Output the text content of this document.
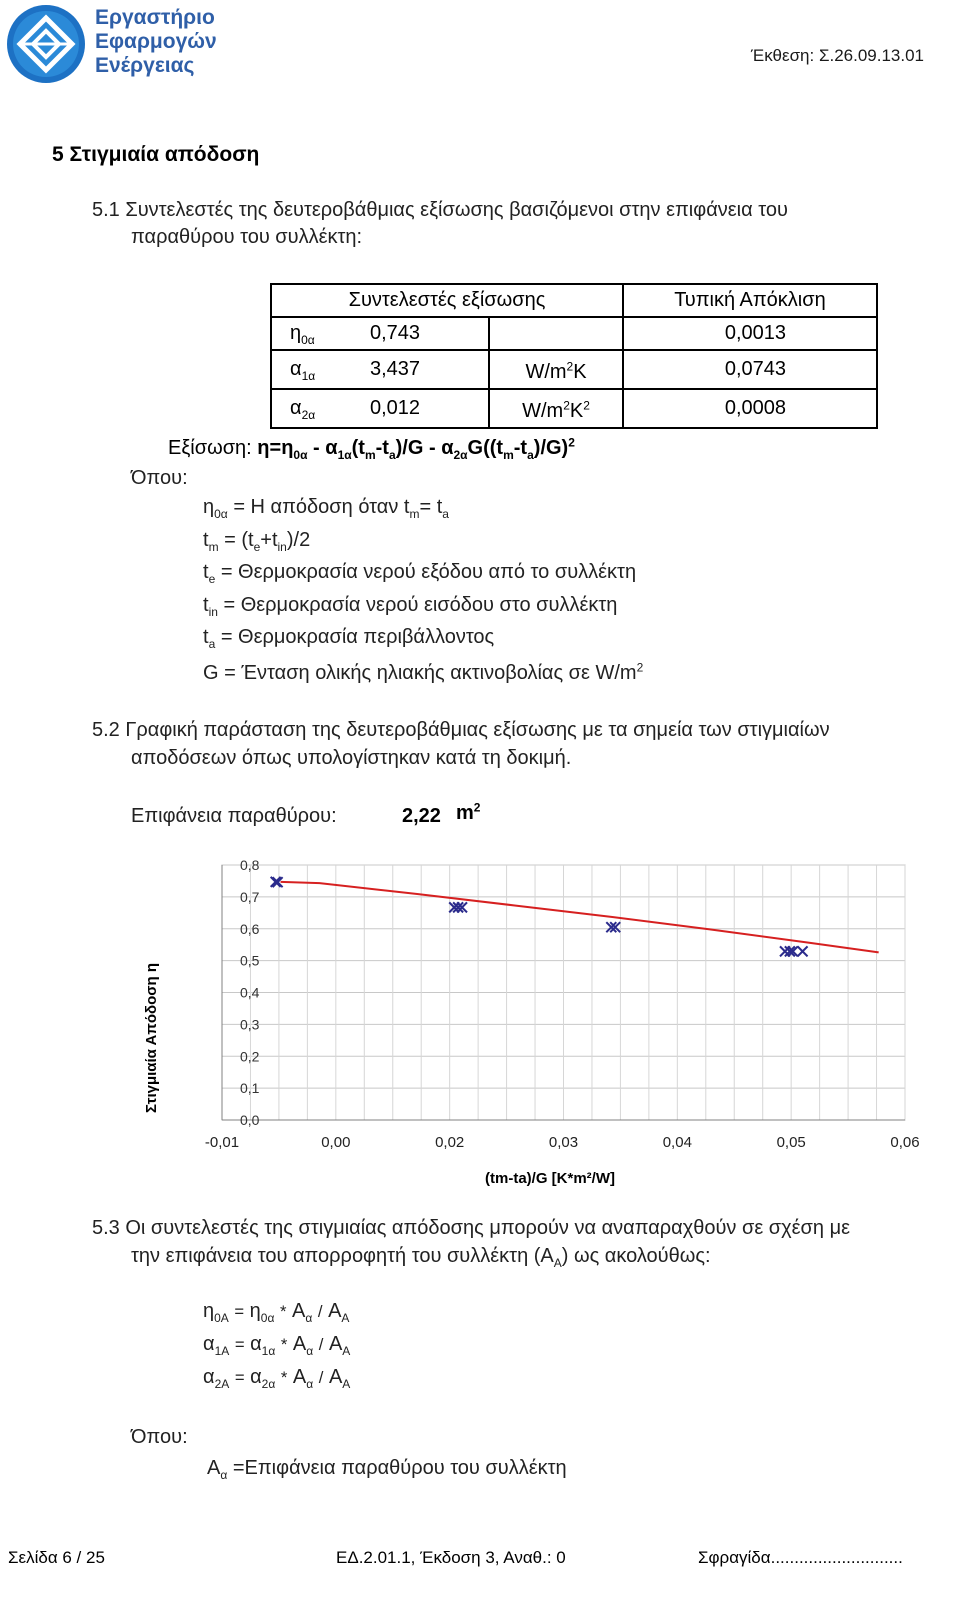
Εργαστήριο
Εφαρμογών
Ενέργειας	Έκθεση: Σ.26.09.13.01
5 Στιγμιαία απόδοση
5.1 Συντελεστές της δευτεροβάθμιας εξίσωσης βασιζόμενοι στην επιφάνεια του
παραθύρου του συλλέκτη:
Συντελεστές εξίσωσης			Τυπική Απόκλιση
$\eta_{0\alpha}$	0,743		0,0013
$\alpha_{1\alpha}$	3,437	$W/m^2K$	0,0743
$\alpha_{2\alpha}$	0,012	$W/m^2K^2$	0,0008
Εξίσωση: $\eta=\eta_{0\alpha} - \alpha_{1\alpha}(t_m-t_a)/G - \alpha_{2\alpha}G((t_m-t_a)/G)^2$
Όπου:
$\eta_{0\alpha} = H$ απόδοση όταν $t_m= t_a$
$t_m = (t_e+t_{in})/2$
$t_e = \Theta\varepsilon\rho\mu o\kappa\rho\alpha\sigma ί\alpha$ νερού εξόδου από το συλλέκτη
$t_{in} = \Theta\varepsilon\rho\mu o\kappa\rho\alpha\sigma ί\alpha$ νερού εισόδου στο συλλέκτη
$t_a = \Theta\varepsilon\rho\mu o\kappa\rho\alpha\sigma ί\alpha$ περιβάλλοντος
G = Ένταση ολικής ηλιακής ακτινοβολίας σε $W/m^2$
5.2 Γραφική παράσταση της δευτεροβάθμιας εξίσωσης με τα σημεία των στιγμιαίων
αποδόσεων όπως υπολογίστηκαν κατά τη δοκιμή.
Επιφάνεια παραθύρου:	2,22 $m^2$
0,0
0,1
0,2
0,3
0,4
0,5
0,6
0,7
0,8
-0,01	0,00	0,02	0,03	0,04	0,05	0,06
Στιγμιαία Απόδοση η
(tm-ta)/G [K*m²/W]
5.3 Οι συντελεστές της στιγμιαίας απόδοσης μπορούν να αναπαραχθούν σε σχέση με
την επιφάνεια του απορροφητή του συλλέκτη $(A_A)$ ως ακολούθως:
$\eta_{0A} = \eta_{0\alpha} * A_\alpha / A_A$
$\alpha_{1A} = \alpha_{1\alpha} * A_\alpha / A_A$
$\alpha_{2A} = \alpha_{2\alpha} * A_\alpha / A_A$
Όπου:
$A_\alpha =E\pi\iota\varphi ά\nu\varepsilon\iota\alpha$ παραθύρου του συλλέκτη
Σελίδα 6 / 25	ΕΔ.2.01.1, Έκδοση 3, Αναθ.: 0	Σφραγίδα............................
